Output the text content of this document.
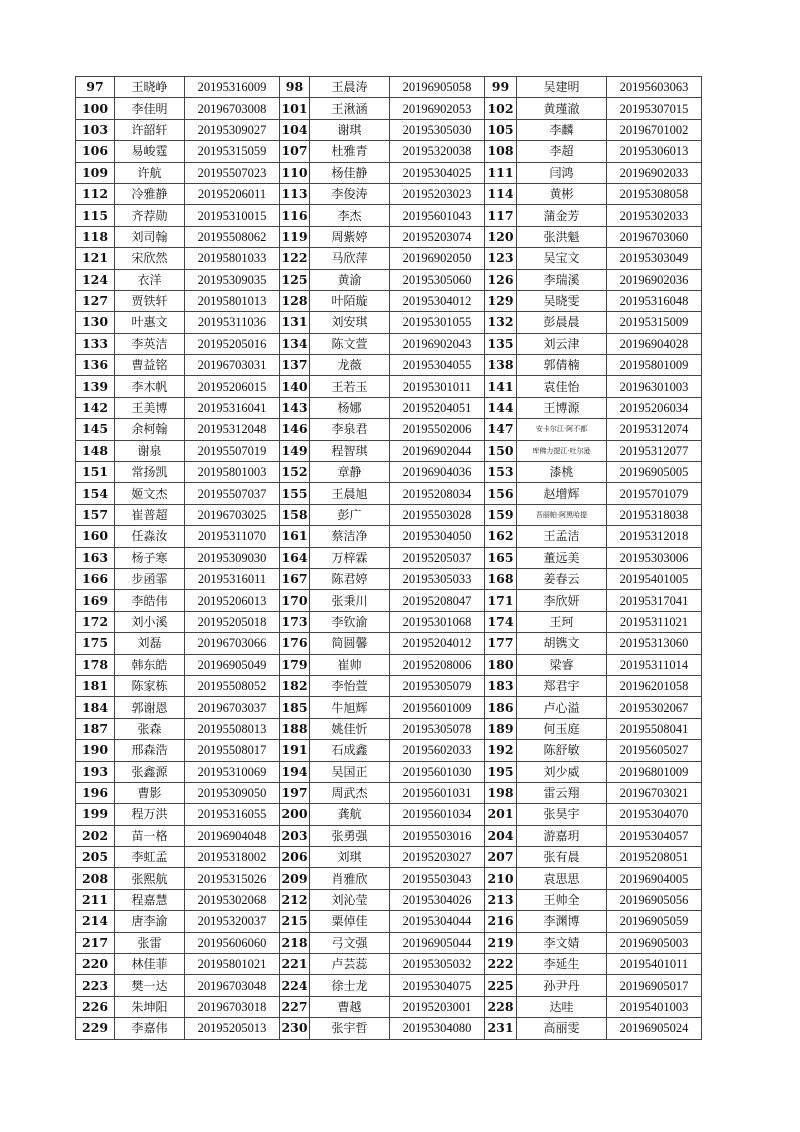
97	王晓峥	20195316009	98	王晨涛	20196905058	99	吴建明	20195603063
100	李佳明	20196703008	101	王湫涵	20196902053	102	黄瑾澈	20195307015
103	许韶轩	20195309027	104	谢琪	20195305030	105	李麟	20196701002
106	易峻霆	20195315059	107	杜雅青	20195320038	108	李超	20195306013
109	许航	20195507023	110	杨佳静	20195304025	111	闫鸿	20196902033
112	冷雅静	20195206011	113	李俊涛	20195203023	114	黄彬	20195308058
115	齐荐勋	20195310015	116	李杰	20195601043	117	蒲金芳	20195302033
118	刘司翰	20195508062	119	周紫婷	20195203074	120	张洪魁	20196703060
121	宋欣然	20195801033	122	马欣萍	20196902050	123	吴宝文	20195303049
124	衣洋	20195309035	125	黄渝	20195305060	126	李瑞溪	20196902036
127	贾铁轩	20195801013	128	叶陌璇	20195304012	129	吴晓雯	20195316048
130	叶惠文	20195311036	131	刘安琪	20195301055	132	彭晨晨	20195315009
133	李英洁	20195205016	134	陈文萱	20196902043	135	刘云津	20196904028
136	曹益铭	20196703031	137	龙薇	20195304055	138	郭倩楠	20195801009
139	李木帆	20195206015	140	王若玉	20195301011	141	袁佳怡	20196301003
142	王美博	20195316041	143	杨娜	20195204051	144	王博源	20195206034
145	余柯翰	20195312048	146	李泉君	20195502006	147	安卡尔江·阿不都	20195312074
148	谢泉	20195507019	149	程智琪	20196902044	150	库佛力提江·吐尔逊	20195312077
151	常扬凯	20195801003	152	章静	20196904036	153	漆桃	20196905005
154	姬文杰	20195507037	155	王晨旭	20195208034	156	赵增辉	20195701079
157	崔普超	20196703025	158	彭广	20195503028	159	吾丽帕·阿黑哈提	20195318038
160	任淼汝	20195311070	161	蔡洁净	20195304050	162	王孟洁	20195312018
163	杨子寒	20195309030	164	万梓霖	20195205037	165	董远美	20195303006
166	步函霏	20195316011	167	陈君婷	20195305033	168	姜春云	20195401005
169	李皓伟	20195206013	170	张秉川	20195208047	171	李欣妍	20195317041
172	刘小溪	20195205018	173	李钦渝	20195301068	174	王珂	20195311021
175	刘磊	20196703066	176	简圆馨	20195204012	177	胡镌文	20195313060
178	韩东皓	20196905049	179	崔帅	20195208006	180	梁睿	20195311014
181	陈家栋	20195508052	182	李怡萱	20195305079	183	郑君宇	20196201058
184	郭谢恩	20196703037	185	牛旭辉	20195601009	186	卢心溢	20195302067
187	张森	20195508013	188	姚佳忻	20195305078	189	何玉庭	20195508041
190	邢森浩	20195508017	191	石成鑫	20195602033	192	陈舒敏	20195605027
193	张鑫源	20195310069	194	吴国正	20195601030	195	刘少威	20196801009
196	曹影	20195309050	197	周武杰	20195601031	198	雷云翔	20196703021
199	程万洪	20195316055	200	龚航	20195601034	201	张昊宇	20195304070
202	苗一格	20196904048	203	张勇强	20195503016	204	游嘉玥	20195304057
205	李虹孟	20195318002	206	刘琪	20195203027	207	张有晨	20195208051
208	张熙航	20195315026	209	肖雅欣	20195503043	210	袁思思	20196904005
211	程嘉慧	20195302068	212	刘沁莹	20195304026	213	王帅全	20196905056
214	唐李渝	20195320037	215	粟倬佳	20195304044	216	李渊博	20196905059
217	张雷	20195606060	218	弓文强	20196905044	219	李文婧	20196905003
220	林佳菲	20195801021	221	卢芸蕊	20195305032	222	李延生	20195401011
223	樊一达	20196703048	224	徐士龙	20195304075	225	孙尹丹	20196905017
226	朱坤阳	20196703018	227	曹越	20195203001	228	达哇	20195401003
229	李嘉伟	20195205013	230	张宇哲	20195304080	231	高丽雯	20196905024
